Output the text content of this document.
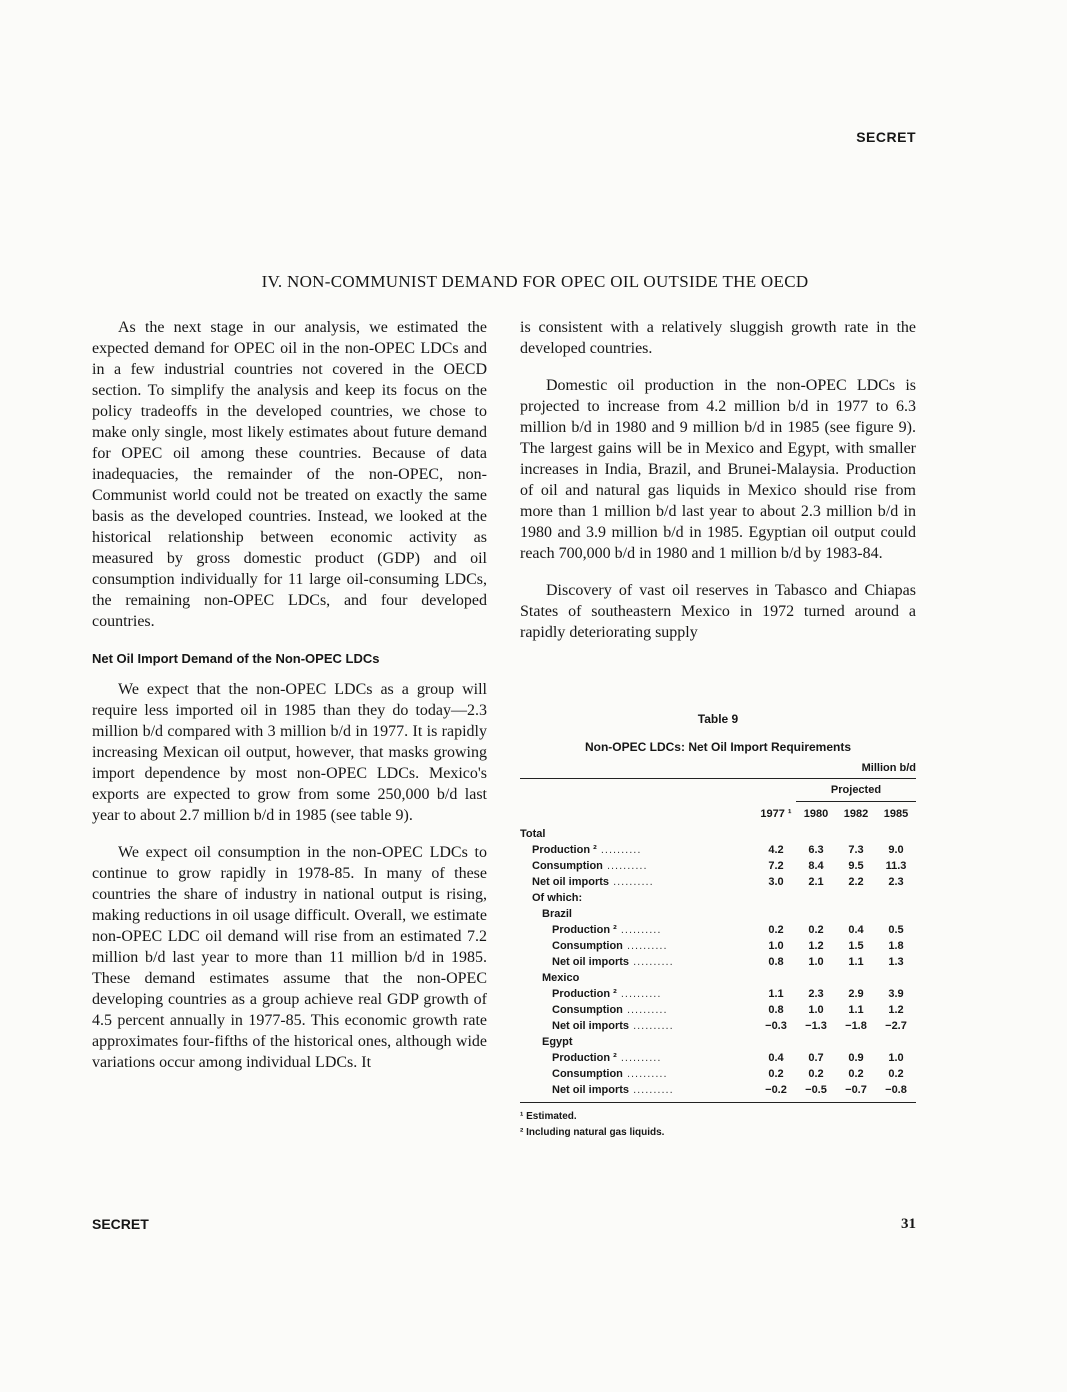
SECRET
IV. NON-COMMUNIST DEMAND FOR OPEC OIL OUTSIDE THE OECD

As the next stage in our analysis, we estimated the expected demand for OPEC oil in the non-OPEC LDCs and in a few industrial countries not covered in the OECD section. To simplify the analysis and keep its focus on the policy tradeoffs in the developed countries, we chose to make only single, most likely estimates about future demand for OPEC oil among these countries. Because of data inadequacies, the remainder of the non-OPEC, non-Communist world could not be treated on exactly the same basis as the developed countries. Instead, we looked at the historical relationship between economic activity as measured by gross domestic product (GDP) and oil consumption individually for 11 large oil-consuming LDCs, the remaining non-OPEC LDCs, and four developed countries.

Net Oil Import Demand of the Non-OPEC LDCs

We expect that the non-OPEC LDCs as a group will require less imported oil in 1985 than they do today—2.3 million b/d compared with 3 million b/d in 1977. It is rapidly increasing Mexican oil output, however, that masks growing import dependence by most non-OPEC LDCs. Mexico's exports are expected to grow from some 250,000 b/d last year to about 2.7 million b/d in 1985 (see table 9).

We expect oil consumption in the non-OPEC LDCs to continue to grow rapidly in 1978-85. In many of these countries the share of industry in national output is rising, making reductions in oil usage difficult. Overall, we estimate non-OPEC LDC oil demand will rise from an estimated 7.2 million b/d last year to more than 11 million b/d in 1985. These demand estimates assume that the non-OPEC developing countries as a group achieve real GDP growth of 4.5 percent annually in 1977-85. This economic growth rate approximates four-fifths of the historical ones, although wide variations occur among individual LDCs. It

is consistent with a relatively sluggish growth rate in the developed countries.

Domestic oil production in the non-OPEC LDCs is projected to increase from 4.2 million b/d in 1977 to 6.3 million b/d in 1980 and 9 million b/d in 1985 (see figure 9). The largest gains will be in Mexico and Egypt, with smaller increases in India, Brazil, and Brunei-Malaysia. Production of oil and natural gas liquids in Mexico should rise from more than 1 million b/d last year to about 2.3 million b/d in 1980 and 3.9 million b/d in 1985. Egyptian oil output could reach 700,000 b/d in 1980 and 1 million b/d by 1983-84.

Discovery of vast oil reserves in Tabasco and Chiapas States of southeastern Mexico in 1972 turned around a rapidly deteriorating supply

Table 9
Non-OPEC LDCs: Net Oil Import Requirements
Million b/d
		Projected		
	1977 ¹	1980	1982	1985
Total				
Production ² ..........	4.2	6.3	7.3	9.0
Consumption ..........	7.2	8.4	9.5	11.3
Net oil imports ..........	3.0	2.1	2.2	2.3
Of which:				
Brazil				
Production ² ..........	0.2	0.2	0.4	0.5
Consumption ..........	1.0	1.2	1.5	1.8
Net oil imports ..........	0.8	1.0	1.1	1.3
Mexico				
Production ² ..........	1.1	2.3	2.9	3.9
Consumption ..........	0.8	1.0	1.1	1.2
Net oil imports ..........	−0.3	−1.3	−1.8	−2.7
Egypt				
Production ² ..........	0.4	0.7	0.9	1.0
Consumption ..........	0.2	0.2	0.2	0.2
Net oil imports ..........	−0.2	−0.5	−0.7	−0.8
¹ Estimated.
² Including natural gas liquids.
SECRET	31
